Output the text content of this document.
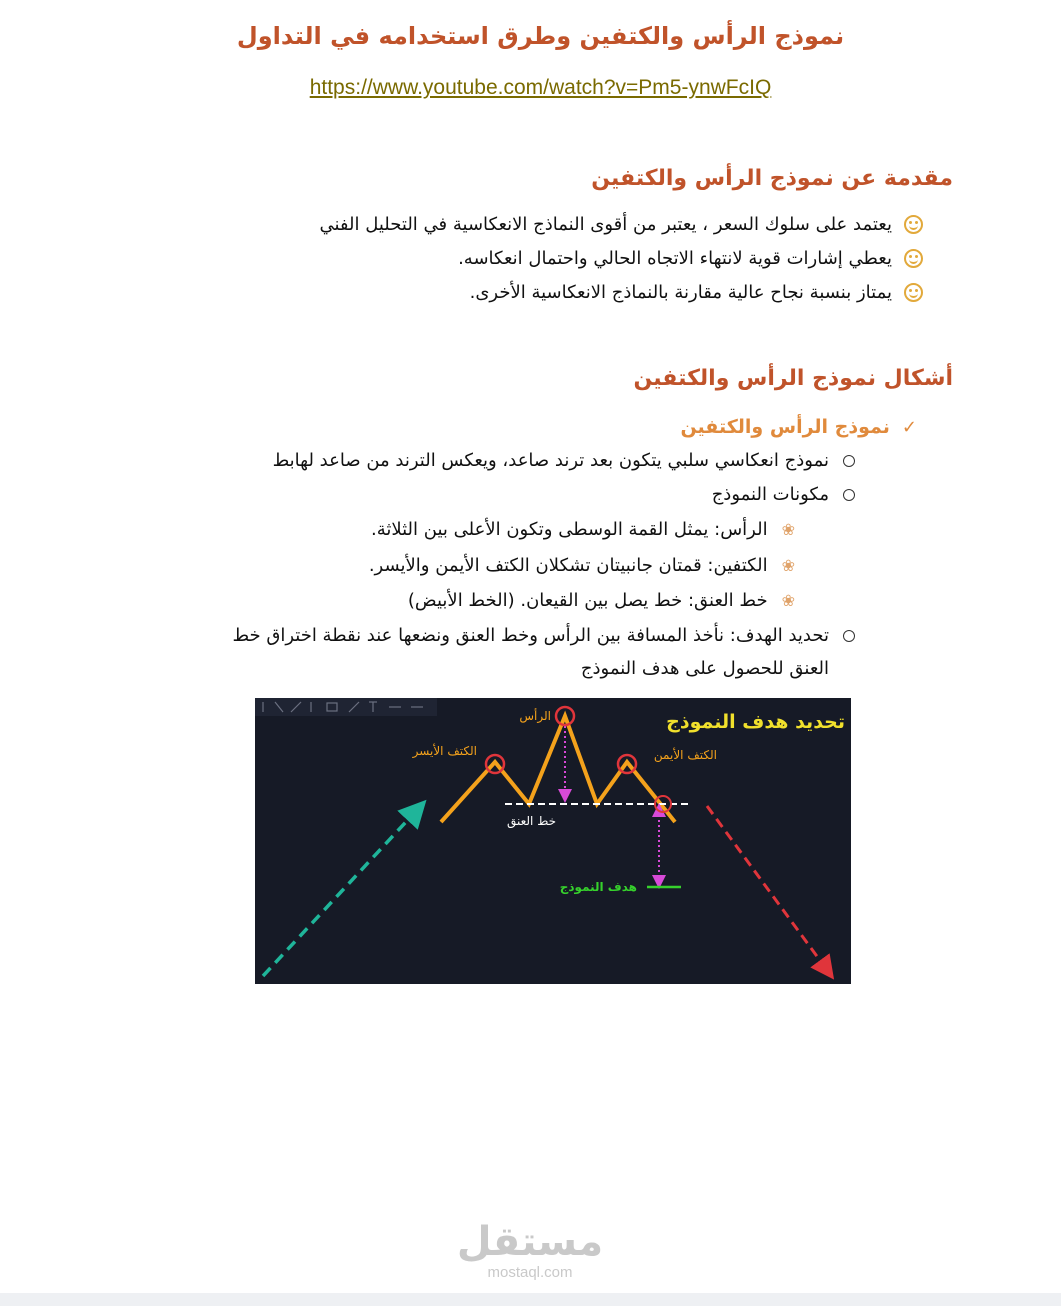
نموذج الرأس والكتفين وطرق استخدامه في التداول
https://www.youtube.com/watch?v=Pm5-ynwFcIQ
مقدمة عن نموذج الرأس والكتفين
يعتمد على سلوك السعر ، يعتبر من أقوى النماذج الانعكاسية في التحليل الفني
يعطي إشارات قوية لانتهاء الاتجاه الحالي واحتمال انعكاسه.
يمتاز بنسبة نجاح عالية مقارنة بالنماذج الانعكاسية الأخرى.
أشكال نموذج الرأس والكتفين
✓
نموذج الرأس والكتفين
نموذج انعكاسي سلبي يتكون بعد ترند صاعد، ويعكس الترند من صاعد لهابط
مكونات النموذج
❀
الرأس: يمثل القمة الوسطى وتكون الأعلى بين الثلاثة.
❀
الكتفين: قمتان جانبيتان تشكلان الكتف الأيمن والأيسر.
❀
خط العنق: خط يصل بين القيعان. (الخط الأبيض)
تحديد الهدف: نأخذ المسافة بين الرأس وخط العنق ونضعها عند نقطة اختراق خط
العنق للحصول على هدف النموذج
تحديد هدف النموذج
الرأس
الكتف الأيسر	الكتف الأيمن
خط العنق
هدف النموذج
مستقل
mostaql.com
